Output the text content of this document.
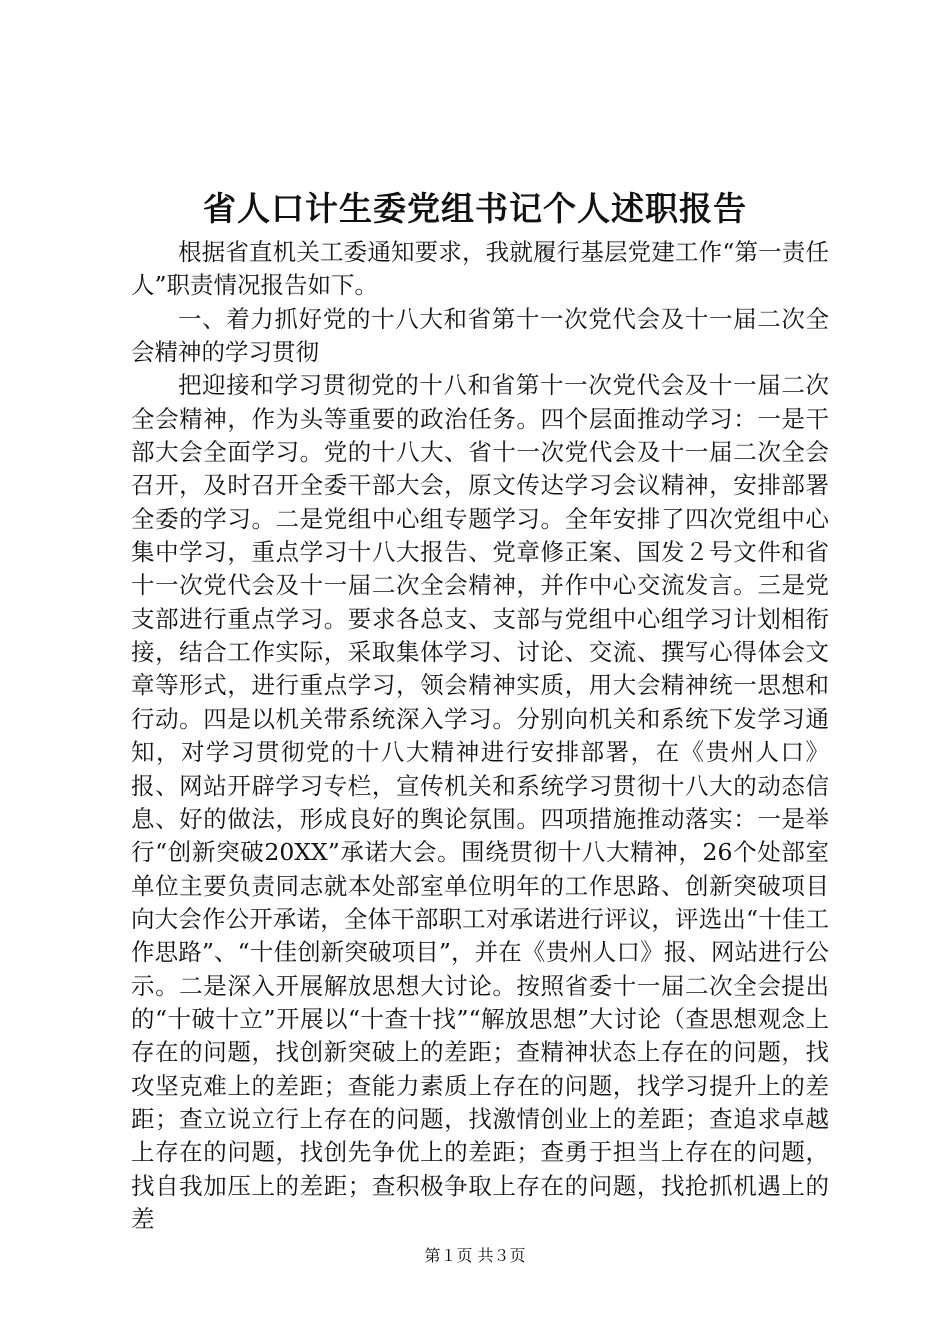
省人口计生委党组书记个人述职报告

根据省直机关工委通知要求，我就履行基层党建工作“第一责任人”职责情况报告如下。

一、着力抓好党的十八大和省第十一次党代会及十一届二次全会精神的学习贯彻

把迎接和学习贯彻党的十八和省第十一次党代会及十一届二次全会精神，作为头等重要的政治任务。四个层面推动学习：一是干部大会全面学习。党的十八大、省十一次党代会及十一届二次全会召开，及时召开全委干部大会，原文传达学习会议精神，安排部署全委的学习。二是党组中心组专题学习。全年安排了四次党组中心集中学习，重点学习十八大报告、党章修正案、国发２号文件和省十一次党代会及十一届二次全会精神，并作中心交流发言。三是党支部进行重点学习。要求各总支、支部与党组中心组学习计划相衔接，结合工作实际，采取集体学习、讨论、交流、撰写心得体会文章等形式，进行重点学习，领会精神实质，用大会精神统一思想和行动。四是以机关带系统深入学习。分别向机关和系统下发学习通知，对学习贯彻党的十八大精神进行安排部署，在《贵州人口》报、网站开辟学习专栏，宣传机关和系统学习贯彻十八大的动态信息、好的做法，形成良好的舆论氛围。四项措施推动落实：一是举行“创新突破20XX”承诺大会。围绕贯彻十八大精神，26个处部室单位主要负责同志就本处部室单位明年的工作思路、创新突破项目向大会作公开承诺，全体干部职工对承诺进行评议，评选出“十佳工作思路”、“十佳创新突破项目”，并在《贵州人口》报、网站进行公示。二是深入开展解放思想大讨论。按照省委十一届二次全会提出的“十破十立”开展以“十查十找”“解放思想”大讨论（查思想观念上存在的问题，找创新突破上的差距；查精神状态上存在的问题，找攻坚克难上的差距；查能力素质上存在的问题，找学习提升上的差距；查立说立行上存在的问题，找激情创业上的差距；查追求卓越上存在的问题，找创先争优上的差距；查勇于担当上存在的问题，找自我加压上的差距；查积极争取上存在的问题，找抢抓机遇上的差

第１页 共３页
